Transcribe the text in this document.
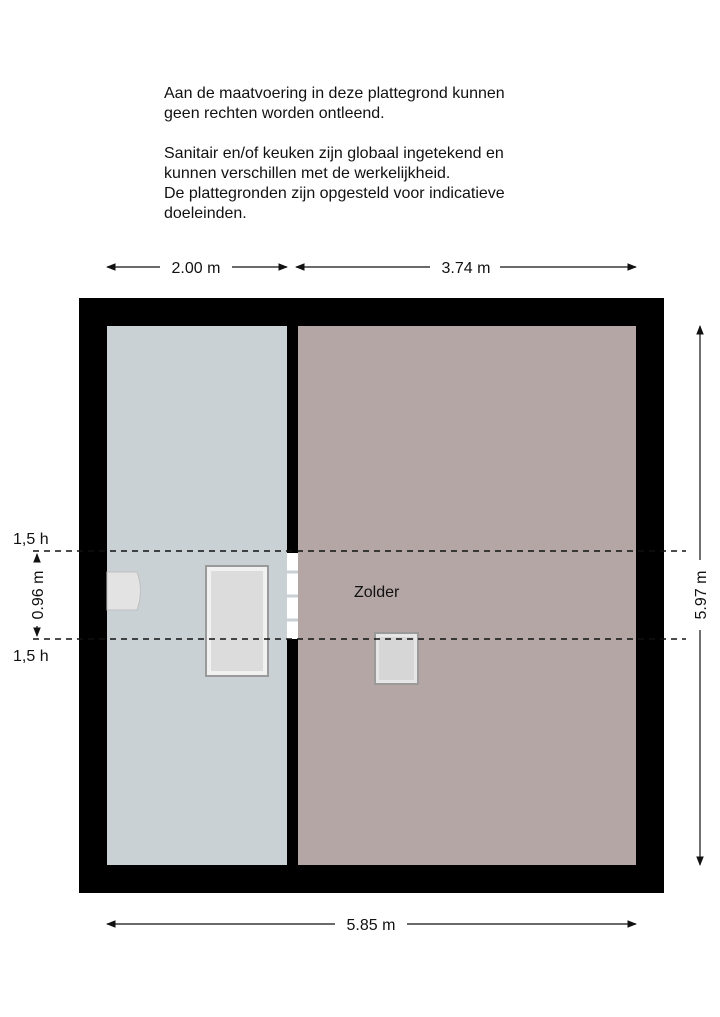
Aan de maatvoering in deze plattegrond kunnen

geen rechten worden ontleend.

Sanitair en/of keuken zijn globaal ingetekend en

kunnen verschillen met de werkelijkheid.

De plattegronden zijn opgesteld voor indicatieve

doeleinden.

Zolder
2.00 m	3.74 m
5.85 m
5.97 m
0.96 m
1,5 h
1,5 h
